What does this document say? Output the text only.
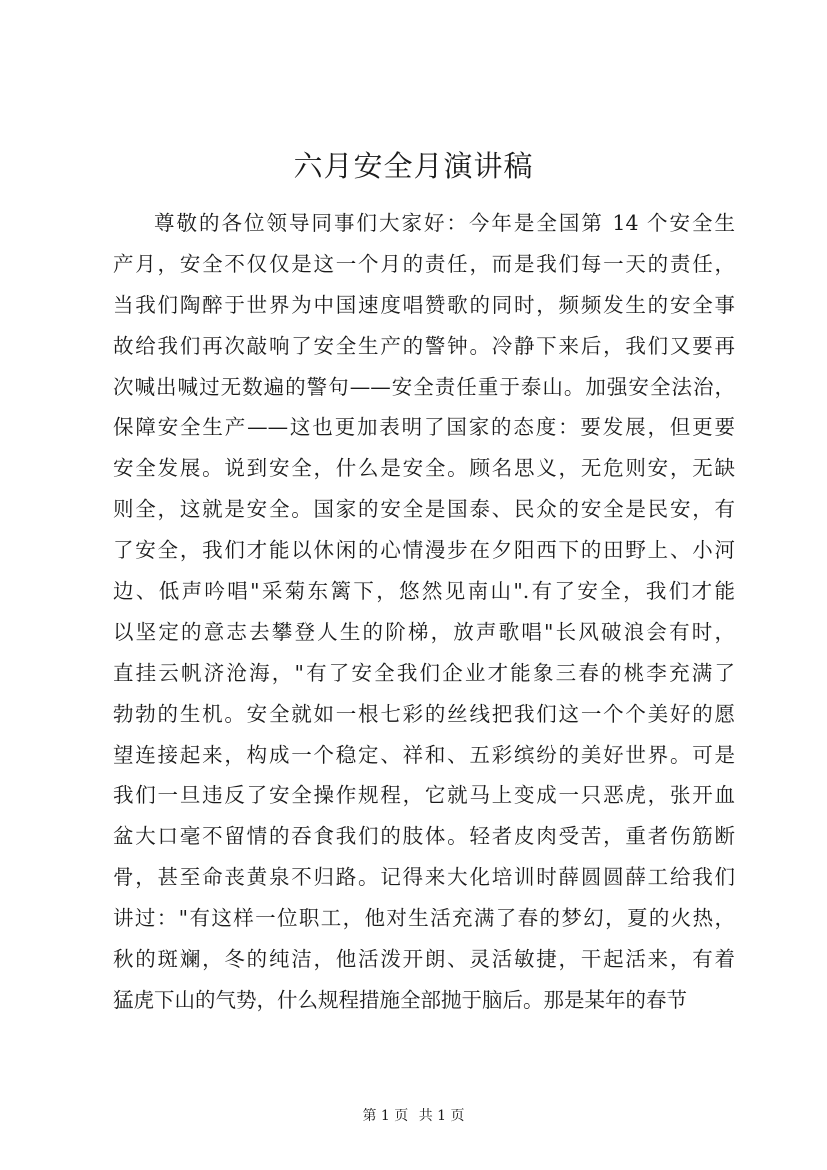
六月安全月演讲稿
尊敬的各位领导同事们大家好：今年是全国第 14 个安全生
产月，安全不仅仅是这一个月的责任，而是我们每一天的责任，
当我们陶醉于世界为中国速度唱赞歌的同时，频频发生的安全事
故给我们再次敲响了安全生产的警钟。冷静下来后，我们又要再
次喊出喊过无数遍的警句——安全责任重于泰山。加强安全法治，
保障安全生产——这也更加表明了国家的态度：要发展，但更要
安全发展。说到安全，什么是安全。顾名思义，无危则安，无缺
则全，这就是安全。国家的安全是国泰、民众的安全是民安，有
了安全，我们才能以休闲的心情漫步在夕阳西下的田野上、小河
边、低声吟唱"采菊东篱下，悠然见南山".有了安全，我们才能
以坚定的意志去攀登人生的阶梯，放声歌唱"长风破浪会有时，
直挂云帆济沧海，"有了安全我们企业才能象三春的桃李充满了
勃勃的生机。安全就如一根七彩的丝线把我们这一个个美好的愿
望连接起来，构成一个稳定、祥和、五彩缤纷的美好世界。可是
我们一旦违反了安全操作规程，它就马上变成一只恶虎，张开血
盆大口毫不留情的吞食我们的肢体。轻者皮肉受苦，重者伤筋断
骨，甚至命丧黄泉不归路。记得来大化培训时薛圆圆薛工给我们
讲过："有这样一位职工，他对生活充满了春的梦幻，夏的火热，
秋的斑斓，冬的纯洁，他活泼开朗、灵活敏捷，干起活来，有着
猛虎下山的气势，什么规程措施全部抛于脑后。那是某年的春节
第 1 页 共 1 页
